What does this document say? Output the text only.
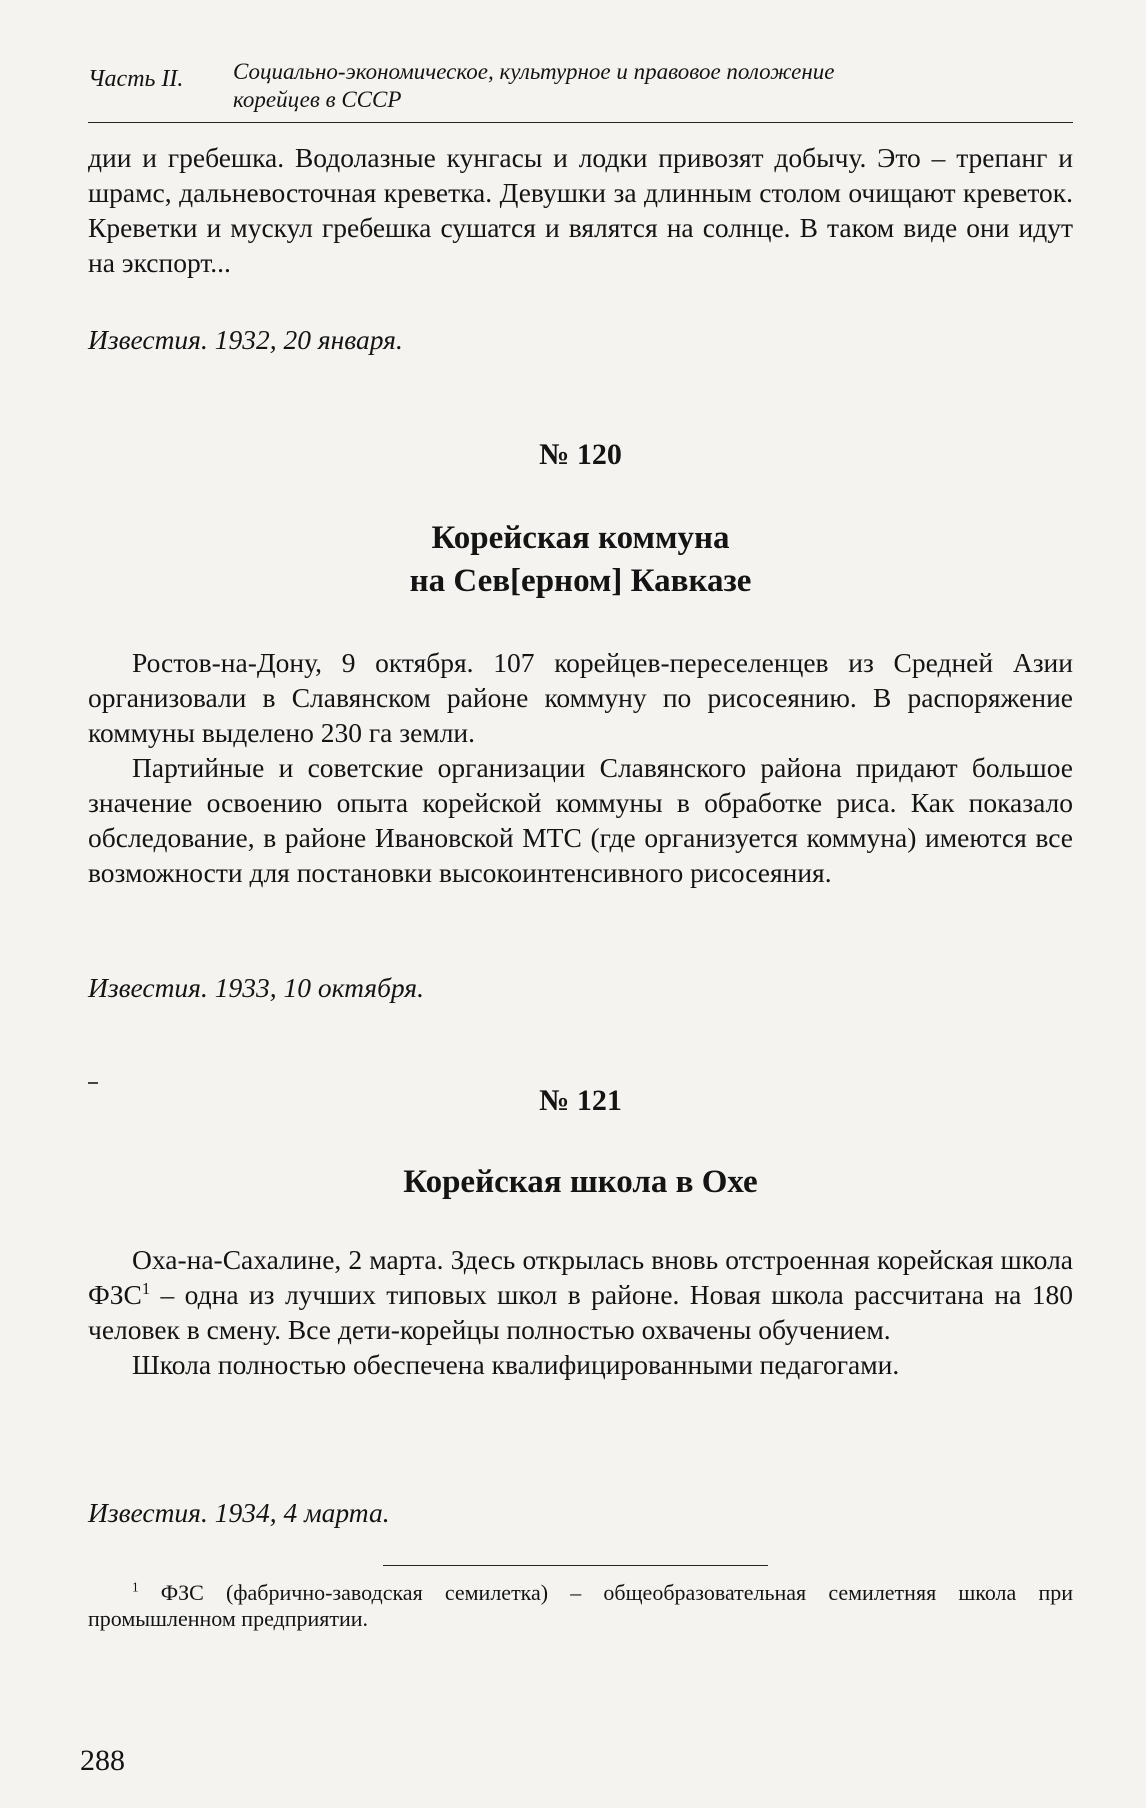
Часть II. Социально-экономическое, культурное и правовое положение
корейцев в СССР

дии и гребешка. Водолазные кунгасы и лодки привозят добычу. Это – трепанг и шрамс, дальневосточная креветка. Девушки за длинным столом очищают креветок. Креветки и мускул гребешка сушатся и вялятся на солнце. В таком виде они идут на экспорт...

Известия. 1932, 20 января.
№ 120
Корейская коммуна
на Сев[ерном] Кавказе

Ростов-на-Дону, 9 октября. 107 корейцев-переселенцев из Средней Азии организовали в Славянском районе коммуну по рисосеянию. В распоряжение коммуны выделено 230 га земли.

Партийные и советские организации Славянского района придают большое значение освоению опыта корейской коммуны в обработке риса. Как показало обследование, в районе Ивановской МТС (где организуется коммуна) имеются все возможности для постановки высокоинтенсивного рисосеяния.

Известия. 1933, 10 октября.
№ 121
Корейская школа в Охе

Оха-на-Сахалине, 2 марта. Здесь открылась вновь отстроенная корейская школа ФЗС$^1$ – одна из лучших типовых школ в районе. Новая школа рассчитана на 180 человек в смену. Все дети-корейцы полностью охвачены обучением.

Школа полностью обеспечена квалифицированными педагогами.

Известия. 1934, 4 марта.

$^1$ ФЗС (фабрично-заводская семилетка) – общеобразовательная семилетняя школа при промышленном предприятии.

288
